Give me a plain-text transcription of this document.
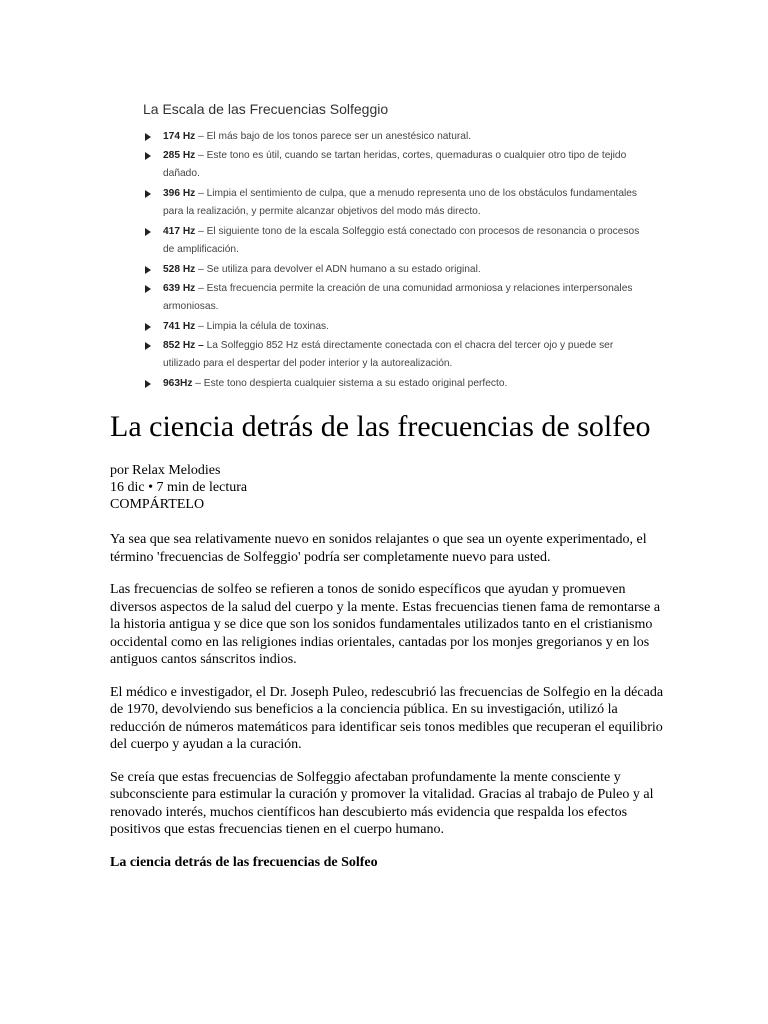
La Escala de las Frecuencias Solfeggio
174 Hz – El más bajo de los tonos parece ser un anestésico natural.
285 Hz – Este tono es útil, cuando se tartan heridas, cortes, quemaduras o cualquier otro tipo de tejido dañado.
396 Hz – Limpia el sentimiento de culpa, que a menudo representa uno de los obstáculos fundamentales para la realización, y permite alcanzar objetivos del modo más directo.
417 Hz – El siguiente tono de la escala Solfeggio está conectado con procesos de resonancia o procesos de amplificación.
528 Hz – Se utiliza para devolver el ADN humano a su estado original.
639 Hz – Esta frecuencia permite la creación de una comunidad armoniosa y relaciones interpersonales armoniosas.
741 Hz – Limpia la célula de toxinas.
852 Hz – La Solfeggio 852 Hz está directamente conectada con el chacra del tercer ojo y puede ser utilizado para el despertar del poder interior y la autorealización.
963Hz – Este tono despierta cualquier sistema a su estado original perfecto.
La ciencia detrás de las frecuencias de solfeo
por Relax Melodies
16 dic • 7 min de lectura
COMPÁRTELO

Ya sea que sea relativamente nuevo en sonidos relajantes o que sea un oyente experimentado, el término 'frecuencias de Solfeggio' podría ser completamente nuevo para usted.

Las frecuencias de solfeo se refieren a tonos de sonido específicos que ayudan y promueven diversos aspectos de la salud del cuerpo y la mente. Estas frecuencias tienen fama de remontarse a la historia antigua y se dice que son los sonidos fundamentales utilizados tanto en el cristianismo occidental como en las religiones indias orientales, cantadas por los monjes gregorianos y en los antiguos cantos sánscritos indios.

El médico e investigador, el Dr. Joseph Puleo, redescubrió las frecuencias de Solfegio en la década de 1970, devolviendo sus beneficios a la conciencia pública. En su investigación, utilizó la reducción de números matemáticos para identificar seis tonos medibles que recuperan el equilibrio del cuerpo y ayudan a la curación.

Se creía que estas frecuencias de Solfeggio afectaban profundamente la mente consciente y subconsciente para estimular la curación y promover la vitalidad. Gracias al trabajo de Puleo y al renovado interés, muchos científicos han descubierto más evidencia que respalda los efectos positivos que estas frecuencias tienen en el cuerpo humano.

La ciencia detrás de las frecuencias de Solfeo
